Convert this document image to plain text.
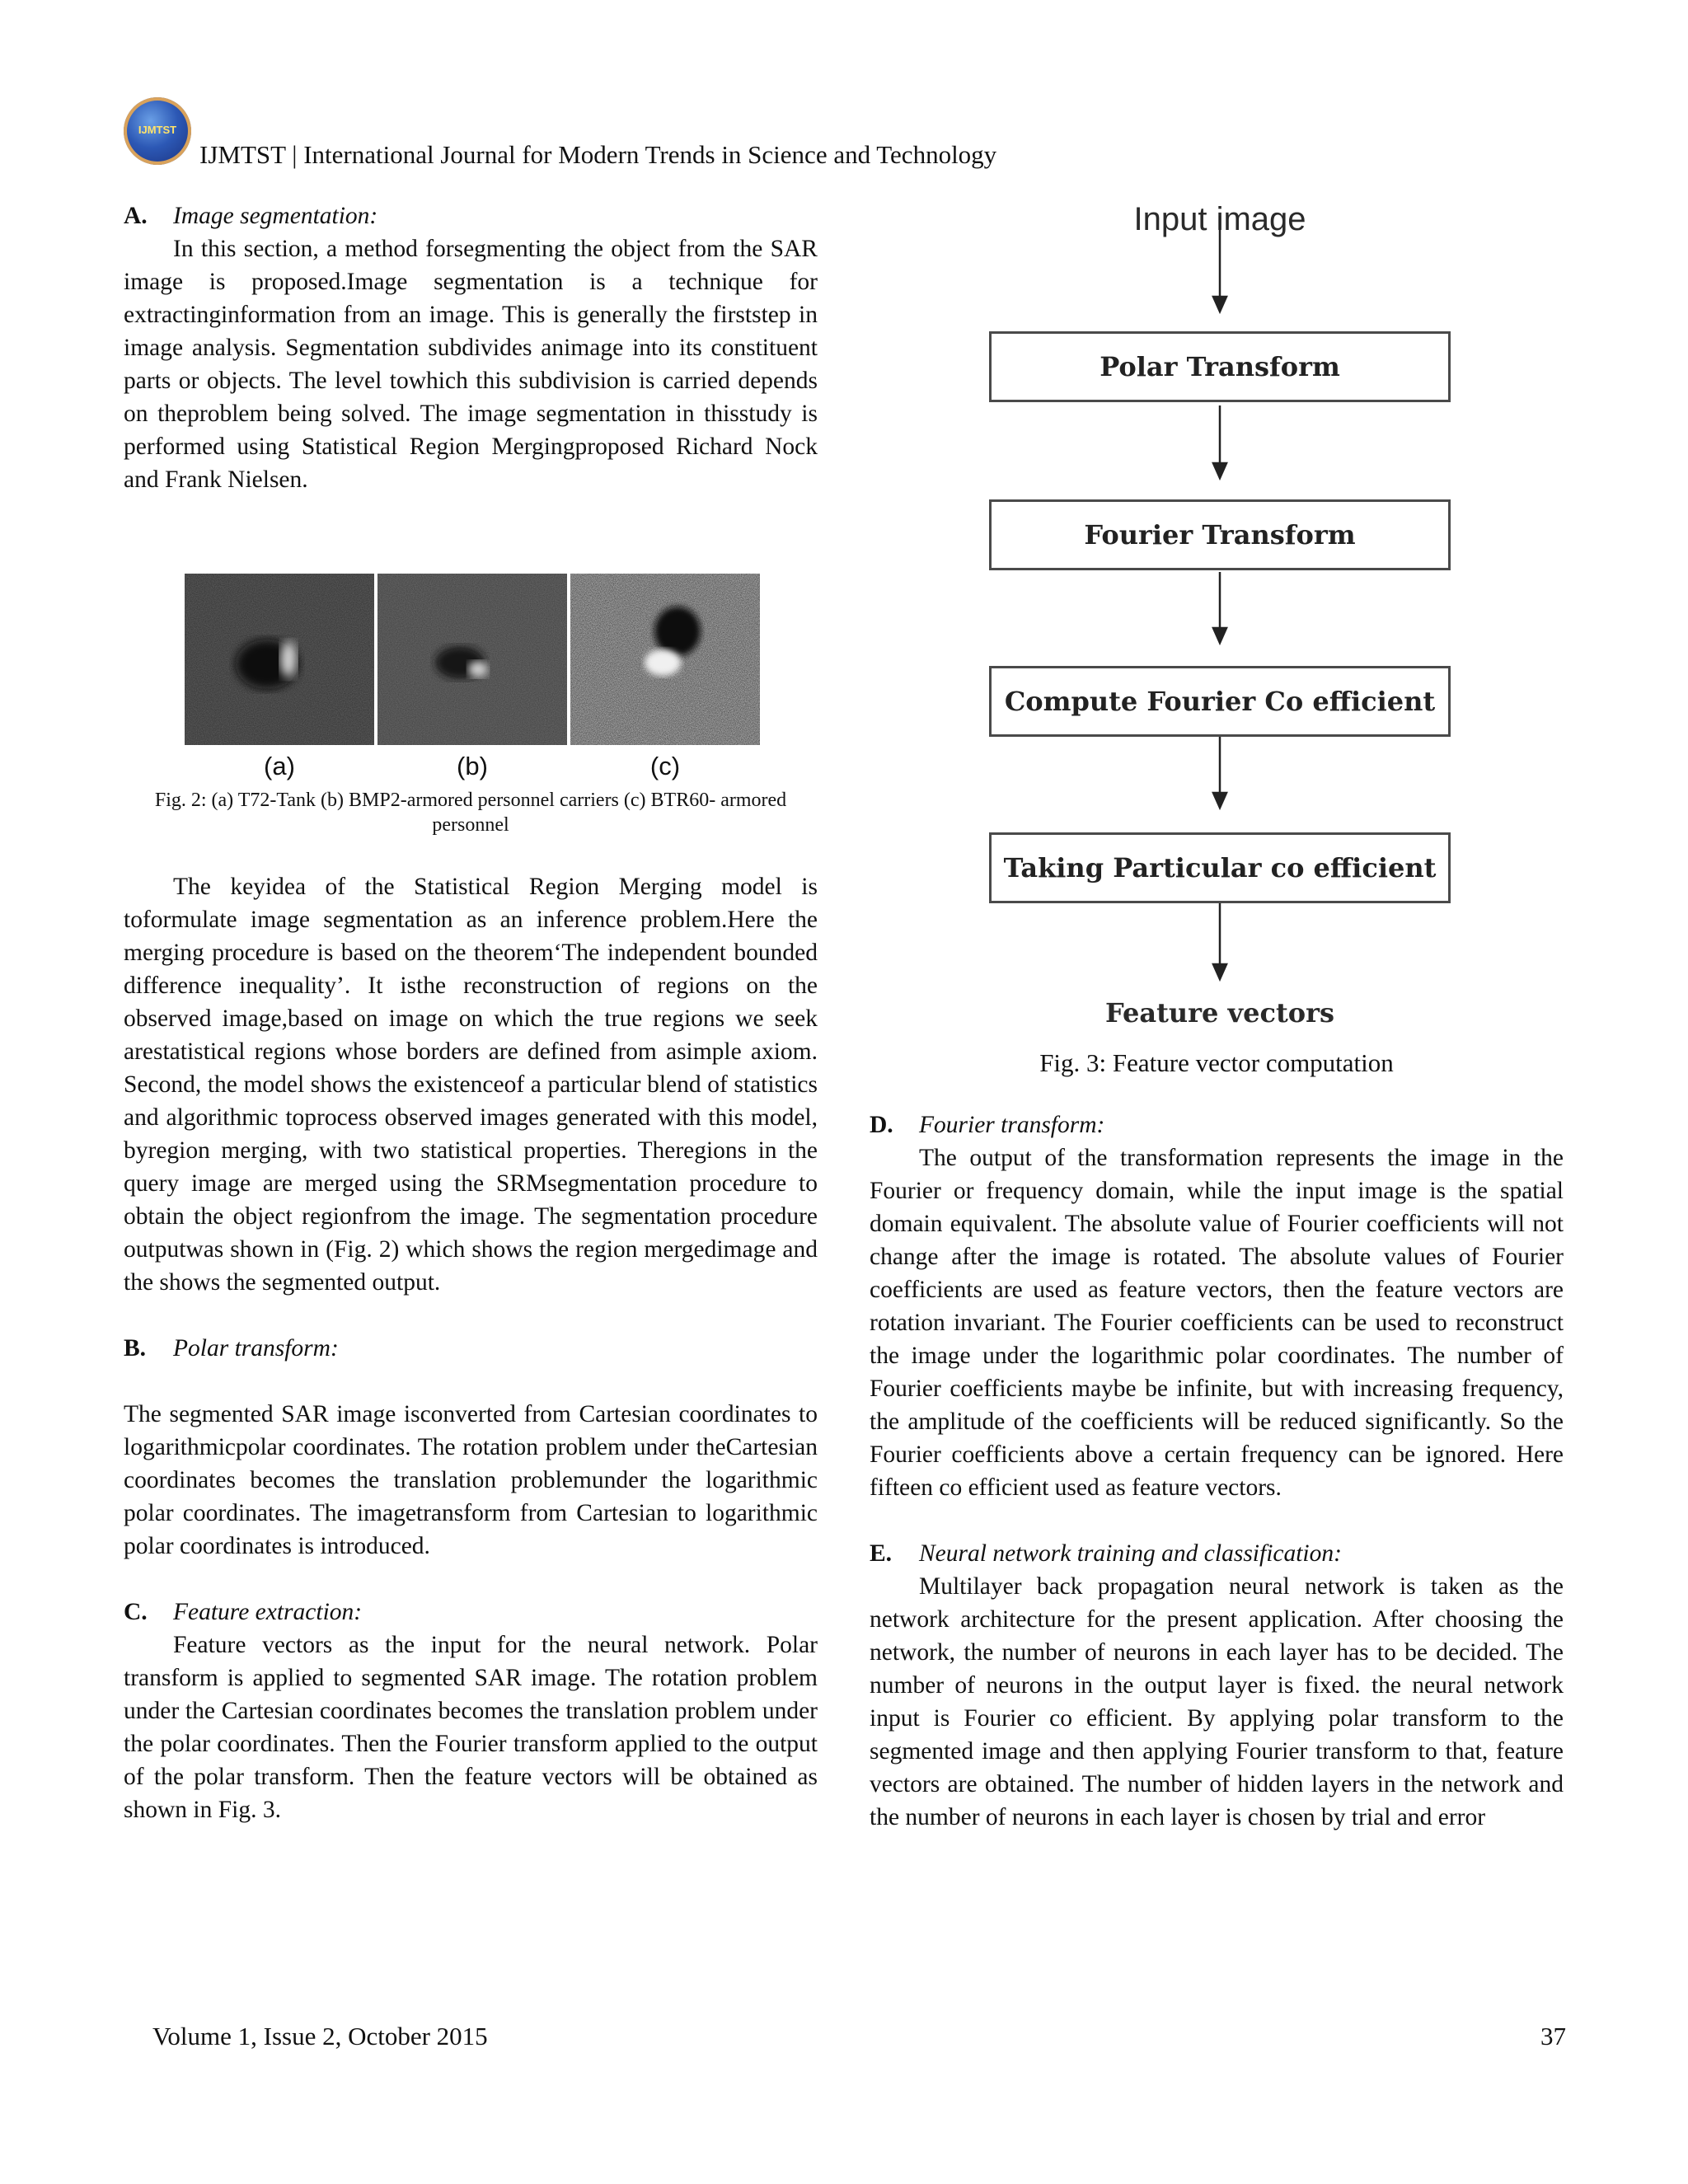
IJMTST
IJMTST | International Journal for Modern Trends in Science and Technology

A. Image segmentation:

In this section, a method forsegmenting the object from the SAR image is proposed.Image segmentation is a technique for extractinginformation from an image. This is generally the firststep in image analysis. Segmentation subdivides animage into its constituent parts or objects. The level towhich this subdivision is carried depends on theproblem being solved. The image segmentation in thisstudy is performed using Statistical Region Mergingproposed Richard Nock and Frank Nielsen.

(a)	(b)	(c)
Fig. 2: (a) T72-Tank (b) BMP2-armored personnel carriers (c) BTR60- armored personnel

The keyidea of the Statistical Region Merging model is toformulate image segmentation as an inference problem.Here the merging procedure is based on the theorem‘The independent bounded difference inequality’. It isthe reconstruction of regions on the observed image,based on image on which the true regions we seek arestatistical regions whose borders are defined from asimple axiom. Second, the model shows the existenceof a particular blend of statistics and algorithmic toprocess observed images generated with this model, byregion merging, with two statistical properties. Theregions in the query image are merged using the SRMsegmentation procedure to obtain the object regionfrom the image. The segmentation procedure outputwas shown in (Fig. 2) which shows the region mergedimage and the shows the segmented output.

B. Polar transform:

The segmented SAR image isconverted from Cartesian coordinates to logarithmicpolar coordinates. The rotation problem under theCartesian coordinates becomes the translation problemunder the logarithmic polar coordinates. The imagetransform from Cartesian to logarithmic polar coordinates is introduced.

C. Feature extraction:

Feature vectors as the input for the neural network. Polar transform is applied to segmented SAR image. The rotation problem under the Cartesian coordinates becomes the translation problem under the polar coordinates. Then the Fourier transform applied to the output of the polar transform. Then the feature vectors will be obtained as shown in Fig. 3.

Input image
Polar Transform
Fourier Transform
Compute Fourier Co efficient
Taking Particular co efficient
Feature vectors
Fig. 3: Feature vector computation

D. Fourier transform:

The output of the transformation represents the image in the Fourier or frequency domain, while the input image is the spatial domain equivalent. The absolute value of Fourier coefficients will not change after the image is rotated. The absolute values of Fourier coefficients are used as feature vectors, then the feature vectors are rotation invariant. The Fourier coefficients can be used to reconstruct the image under the logarithmic polar coordinates. The number of Fourier coefficients maybe be infinite, but with increasing frequency, the amplitude of the coefficients will be reduced significantly. So the Fourier coefficients above a certain frequency can be ignored. Here fifteen co efficient used as feature vectors.

E. Neural network training and classification:

Multilayer back propagation neural network is taken as the network architecture for the present application. After choosing the network, the number of neurons in each layer has to be decided. The number of neurons in the output layer is fixed. the neural network input is Fourier co efficient. By applying polar transform to the segmented image and then applying Fourier transform to that, feature vectors are obtained. The number of hidden layers in the network and the number of neurons in each layer is chosen by trial and error

Volume 1, Issue 2, October 2015	37
